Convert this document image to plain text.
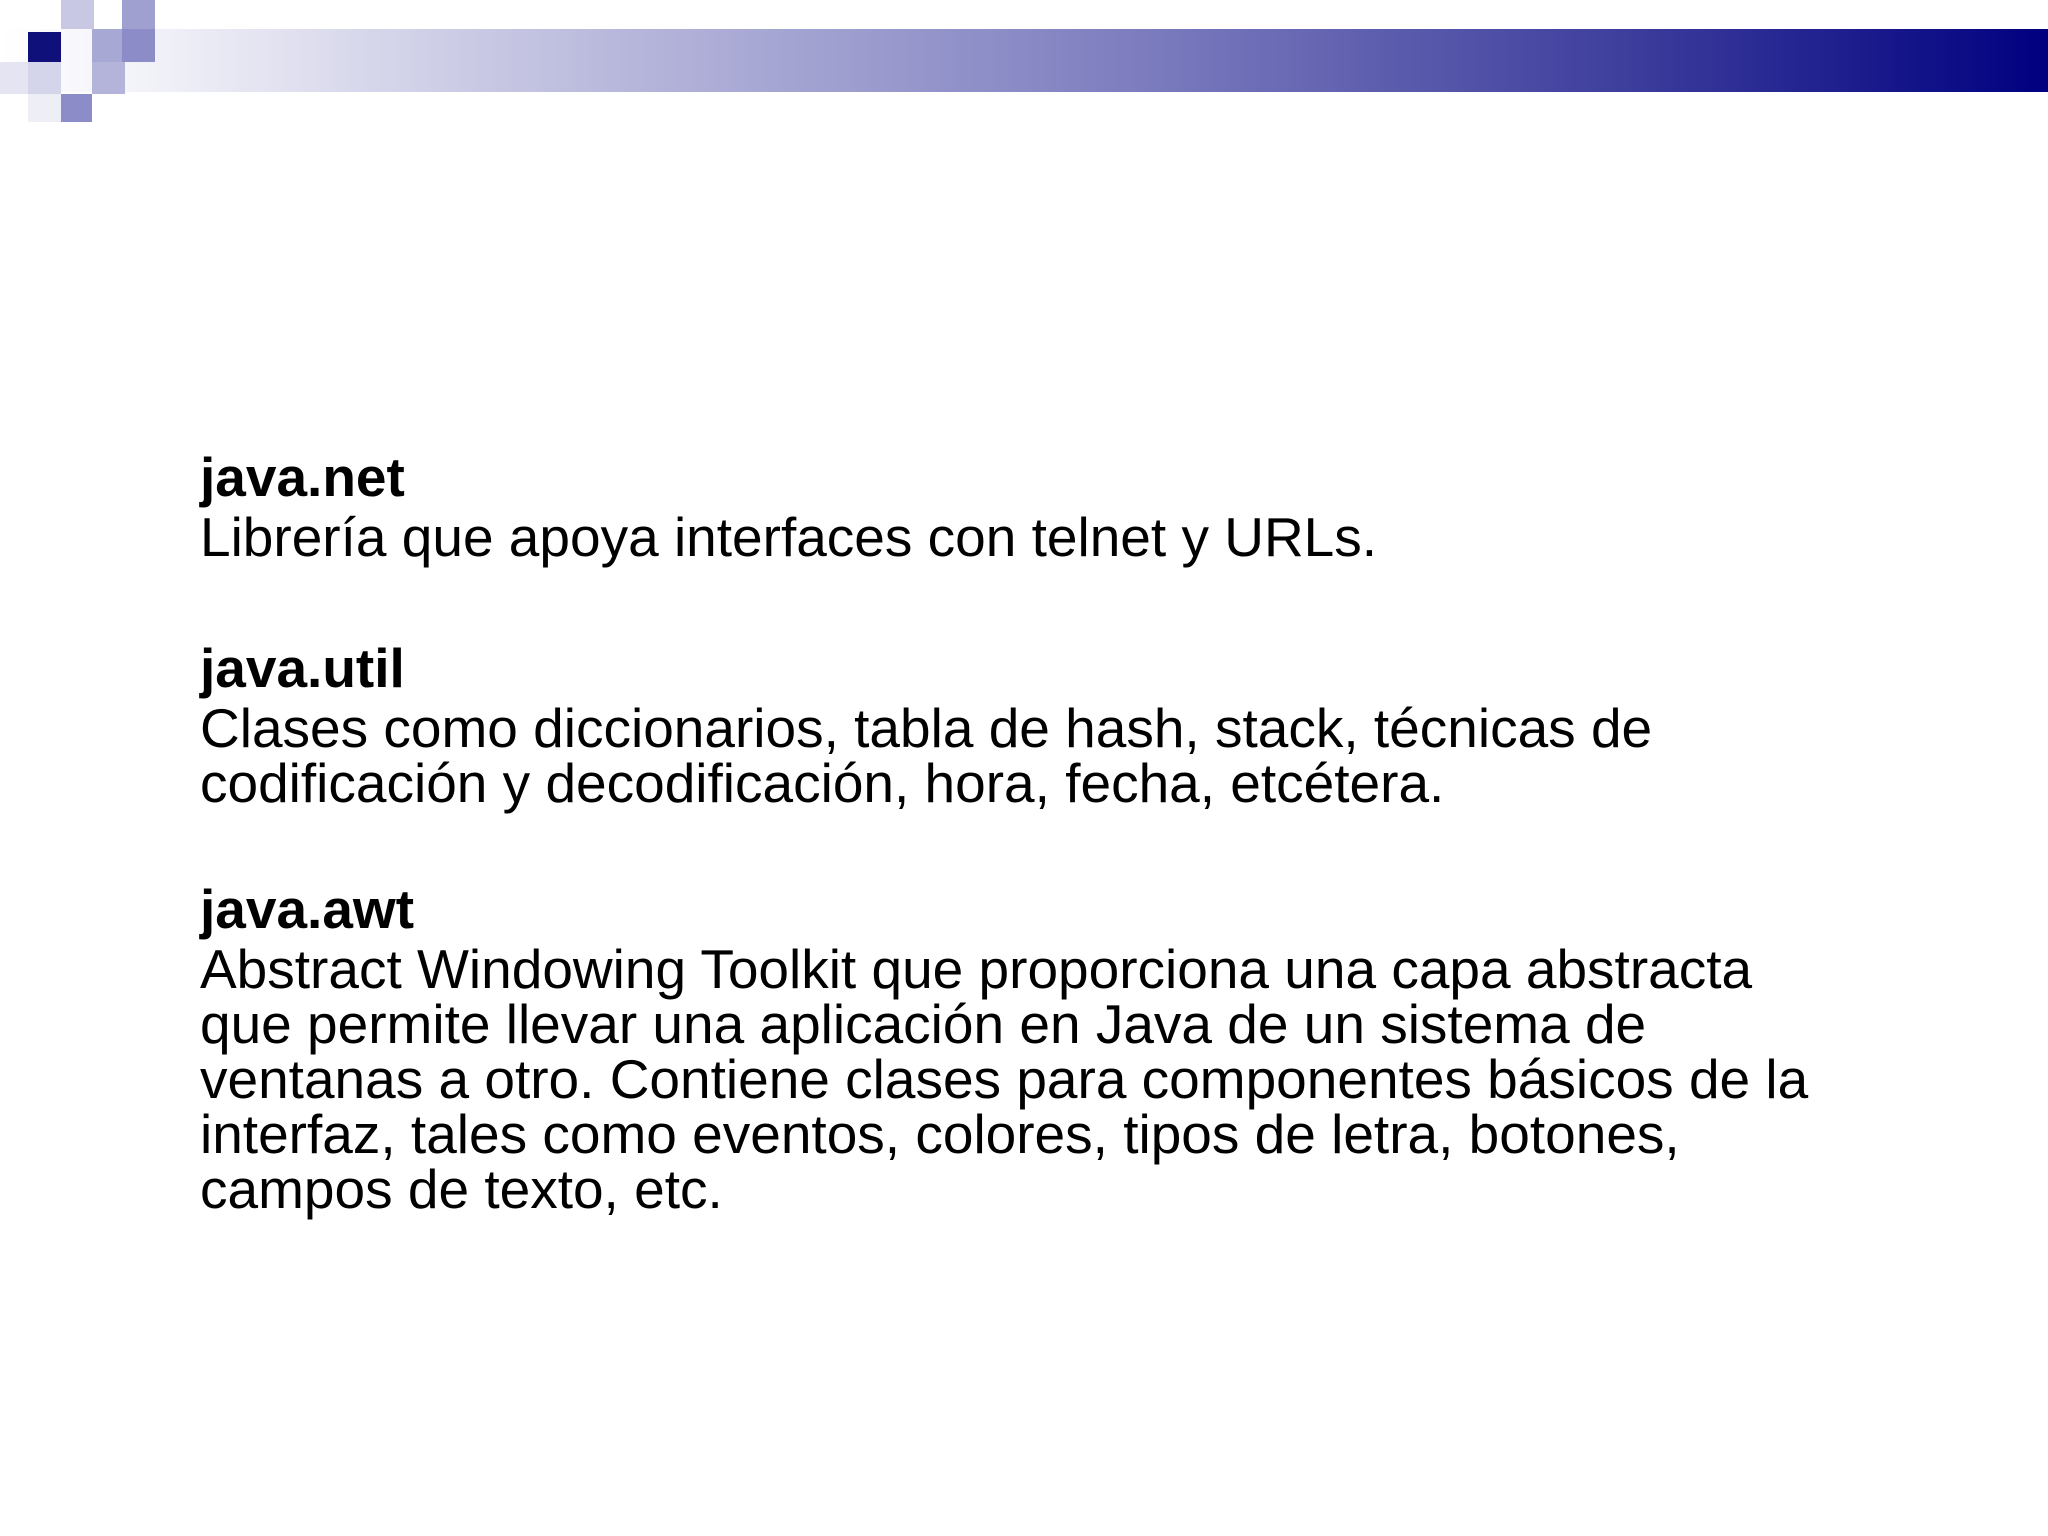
java.net

Librería que apoya interfaces con telnet y URLs.

java.util

Clases como diccionarios, tabla de hash, stack, técnicas de

codificación y decodificación, hora, fecha, etcétera.

java.awt

Abstract Windowing Toolkit que proporciona una capa abstracta

que permite llevar una aplicación en Java de un sistema de

ventanas a otro. Contiene clases para componentes básicos de la

interfaz, tales como eventos, colores, tipos de letra, botones,

campos de texto, etc.
